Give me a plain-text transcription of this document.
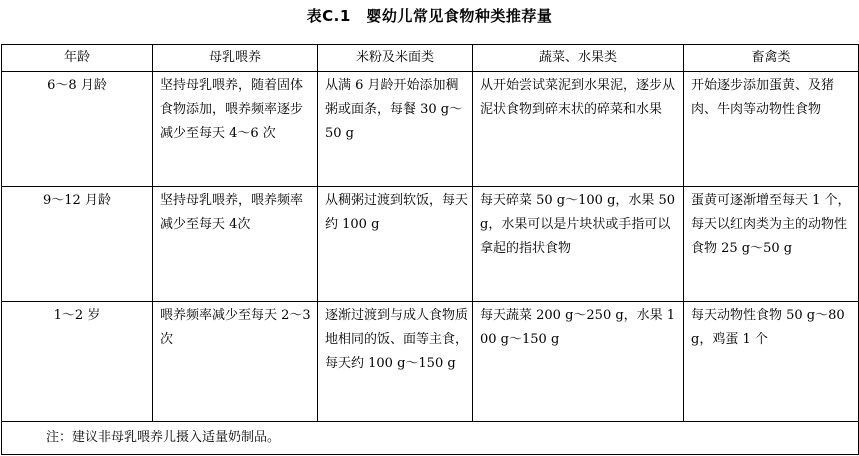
表C.1　婴幼儿常见食物种类推荐量
年龄	母乳喂养	米粉及米面类	蔬菜、水果类	畜禽类
6～8 月龄	坚持母乳喂养，随着固体食物添加，喂养频率逐步减少至每天 4～6 次	从满 6 月龄开始添加稠粥或面条，每餐 30 g～50 g	从开始尝试菜泥到水果泥，逐步从泥状食物到碎末状的碎菜和水果	开始逐步添加蛋黄、及猪肉、牛肉等动物性食物
9～12 月龄	坚持母乳喂养，喂养频率减少至每天 4次	从稠粥过渡到软饭，每天约 100 g	每天碎菜 50 g～100 g，水果 50g，水果可以是片块状或手指可以拿起的指状食物	蛋黄可逐渐增至每天 1 个，每天以红肉类为主的动物性食物 25 g～50 g
1～2 岁	喂养频率减少至每天 2～3 次	逐渐过渡到与成人食物质地相同的饭、面等主食，每天约 100 g～150 g	每天蔬菜 200 g～250 g，水果 100 g～150 g	每天动物性食物 50 g～80 g，鸡蛋 1 个
注：建议非母乳喂养儿摄入适量奶制品。				
